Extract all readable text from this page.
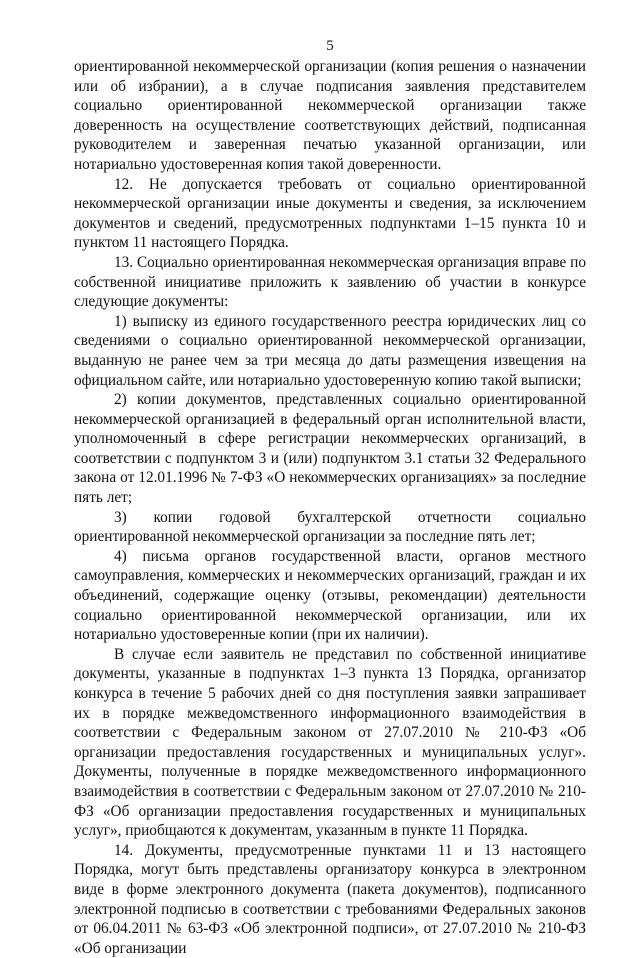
5

ориентированной некоммерческой организации (копия решения о назначении или об избрании), а в случае подписания заявления представителем социально ориентированной некоммерческой организации также доверенность на осуществление соответствующих действий, подписанная руководителем и заверенная печатью указанной организации, или нотариально удостоверенная копия такой доверенности.

12. Не допускается требовать от социально ориентированной некоммерческой организации иные документы и сведения, за исключением документов и сведений, предусмотренных подпунктами 1–15 пункта 10 и пунктом 11 настоящего Порядка.

13. Социально ориентированная некоммерческая организация вправе по собственной инициативе приложить к заявлению об участии в конкурсе следующие документы:

1) выписку из единого государственного реестра юридических лиц со сведениями о социально ориентированной некоммерческой организации, выданную не ранее чем за три месяца до даты размещения извещения на официальном сайте, или нотариально удостоверенную копию такой выписки;

2) копии документов, представленных социально ориентированной некоммерческой организацией в федеральный орган исполнительной власти, уполномоченный в сфере регистрации некоммерческих организаций, в соответствии с подпунктом 3 и (или) подпунктом 3.1 статьи 32 Федерального закона от 12.01.1996 № 7-ФЗ «О некоммерческих организациях» за последние пять лет;

3) копии годовой бухгалтерской отчетности социально ориентированной некоммерческой организации за последние пять лет;

4) письма органов государственной власти, органов местного самоуправления, коммерческих и некоммерческих организаций, граждан и их объединений, содержащие оценку (отзывы, рекомендации) деятельности социально ориентированной некоммерческой организации, или их нотариально удостоверенные копии (при их наличии).

В случае если заявитель не представил по собственной инициативе документы, указанные в подпунктах 1–3 пункта 13 Порядка, организатор конкурса в течение 5 рабочих дней со дня поступления заявки запрашивает их в порядке межведомственного информационного взаимодействия в соответствии с Федеральным законом от 27.07.2010 № 210-ФЗ «Об организации предоставления государственных и муниципальных услуг». Документы, полученные в порядке межведомственного информационного взаимодействия в соответствии с Федеральным законом от 27.07.2010 № 210-ФЗ «Об организации предоставления государственных и муниципальных услуг», приобщаются к документам, указанным в пункте 11 Порядка.

14. Документы, предусмотренные пунктами 11 и 13 настоящего Порядка, могут быть представлены организатору конкурса в электронном виде в форме электронного документа (пакета документов), подписанного электронной подписью в соответствии с требованиями Федеральных законов от 06.04.2011 № 63-ФЗ «Об электронной подписи», от 27.07.2010 № 210-ФЗ «Об организации
